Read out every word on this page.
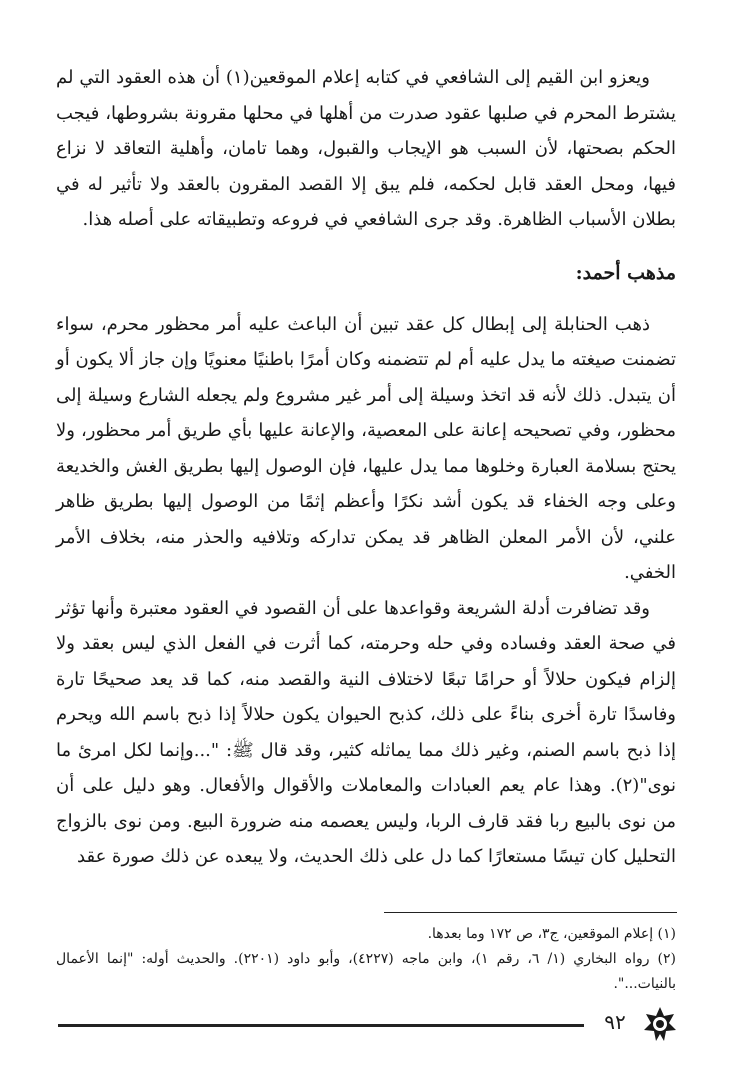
ويعزو ابن القيم إلى الشافعي في كتابه إعلام الموقعين(١) أن هذه العقود التي لم يشترط المحرم في صلبها عقود صدرت من أهلها في محلها مقرونة بشروطها، فيجب الحكم بصحتها، لأن السبب هو الإيجاب والقبول، وهما تامان، وأهلية التعاقد لا نزاع فيها، ومحل العقد قابل لحكمه، فلم يبق إلا القصد المقرون بالعقد ولا تأثير له في بطلان الأسباب الظاهرة. وقد جرى الشافعي في فروعه وتطبيقاته على أصله هذا.

مذهب أحمد:

ذهب الحنابلة إلى إبطال كل عقد تبين أن الباعث عليه أمر محظور محرم، سواء تضمنت صيغته ما يدل عليه أم لم تتضمنه وكان أمرًا باطنيًا معنويًا وإن جاز ألا يكون أو أن يتبدل. ذلك لأنه قد اتخذ وسيلة إلى أمر غير مشروع ولم يجعله الشارع وسيلة إلى محظور، وفي تصحيحه إعانة على المعصية، والإعانة عليها بأي طريق أمر محظور، ولا يحتج بسلامة العبارة وخلوها مما يدل عليها، فإن الوصول إليها بطريق الغش والخديعة وعلى وجه الخفاء قد يكون أشد نكرًا وأعظم إثمًا من الوصول إليها بطريق ظاهر علني، لأن الأمر المعلن الظاهر قد يمكن تداركه وتلافيه والحذر منه، بخلاف الأمر الخفي.

وقد تضافرت أدلة الشريعة وقواعدها على أن القصود في العقود معتبرة وأنها تؤثر في صحة العقد وفساده وفي حله وحرمته، كما أثرت في الفعل الذي ليس بعقد ولا إلزام فيكون حلالاً أو حرامًا تبعًا لاختلاف النية والقصد منه، كما قد يعد صحيحًا تارة وفاسدًا تارة أخرى بناءً على ذلك، كذبح الحيوان يكون حلالاً إذا ذبح باسم الله ويحرم إذا ذبح باسم الصنم، وغير ذلك مما يماثله كثير، وقد قال ﷺ: "...وإنما لكل امرئ ما نوى"(٢). وهذا عام يعم العبادات والمعاملات والأقوال والأفعال. وهو دليل على أن من نوى بالبيع ربا فقد قارف الربا، وليس يعصمه منه ضرورة البيع. ومن نوى بالزواج التحليل كان تيسًا مستعارًا كما دل على ذلك الحديث، ولا يبعده عن ذلك صورة عقد

(١) إعلام الموقعين، ج٣، ص ١٧٢ وما بعدها.

(٢) رواه البخاري (١/ ٦، رقم ١)، وابن ماجه (٤٢٢٧)، وأبو داود (٢٢٠١). والحديث أوله: "إنما الأعمال بالنيات...".

٩٢
